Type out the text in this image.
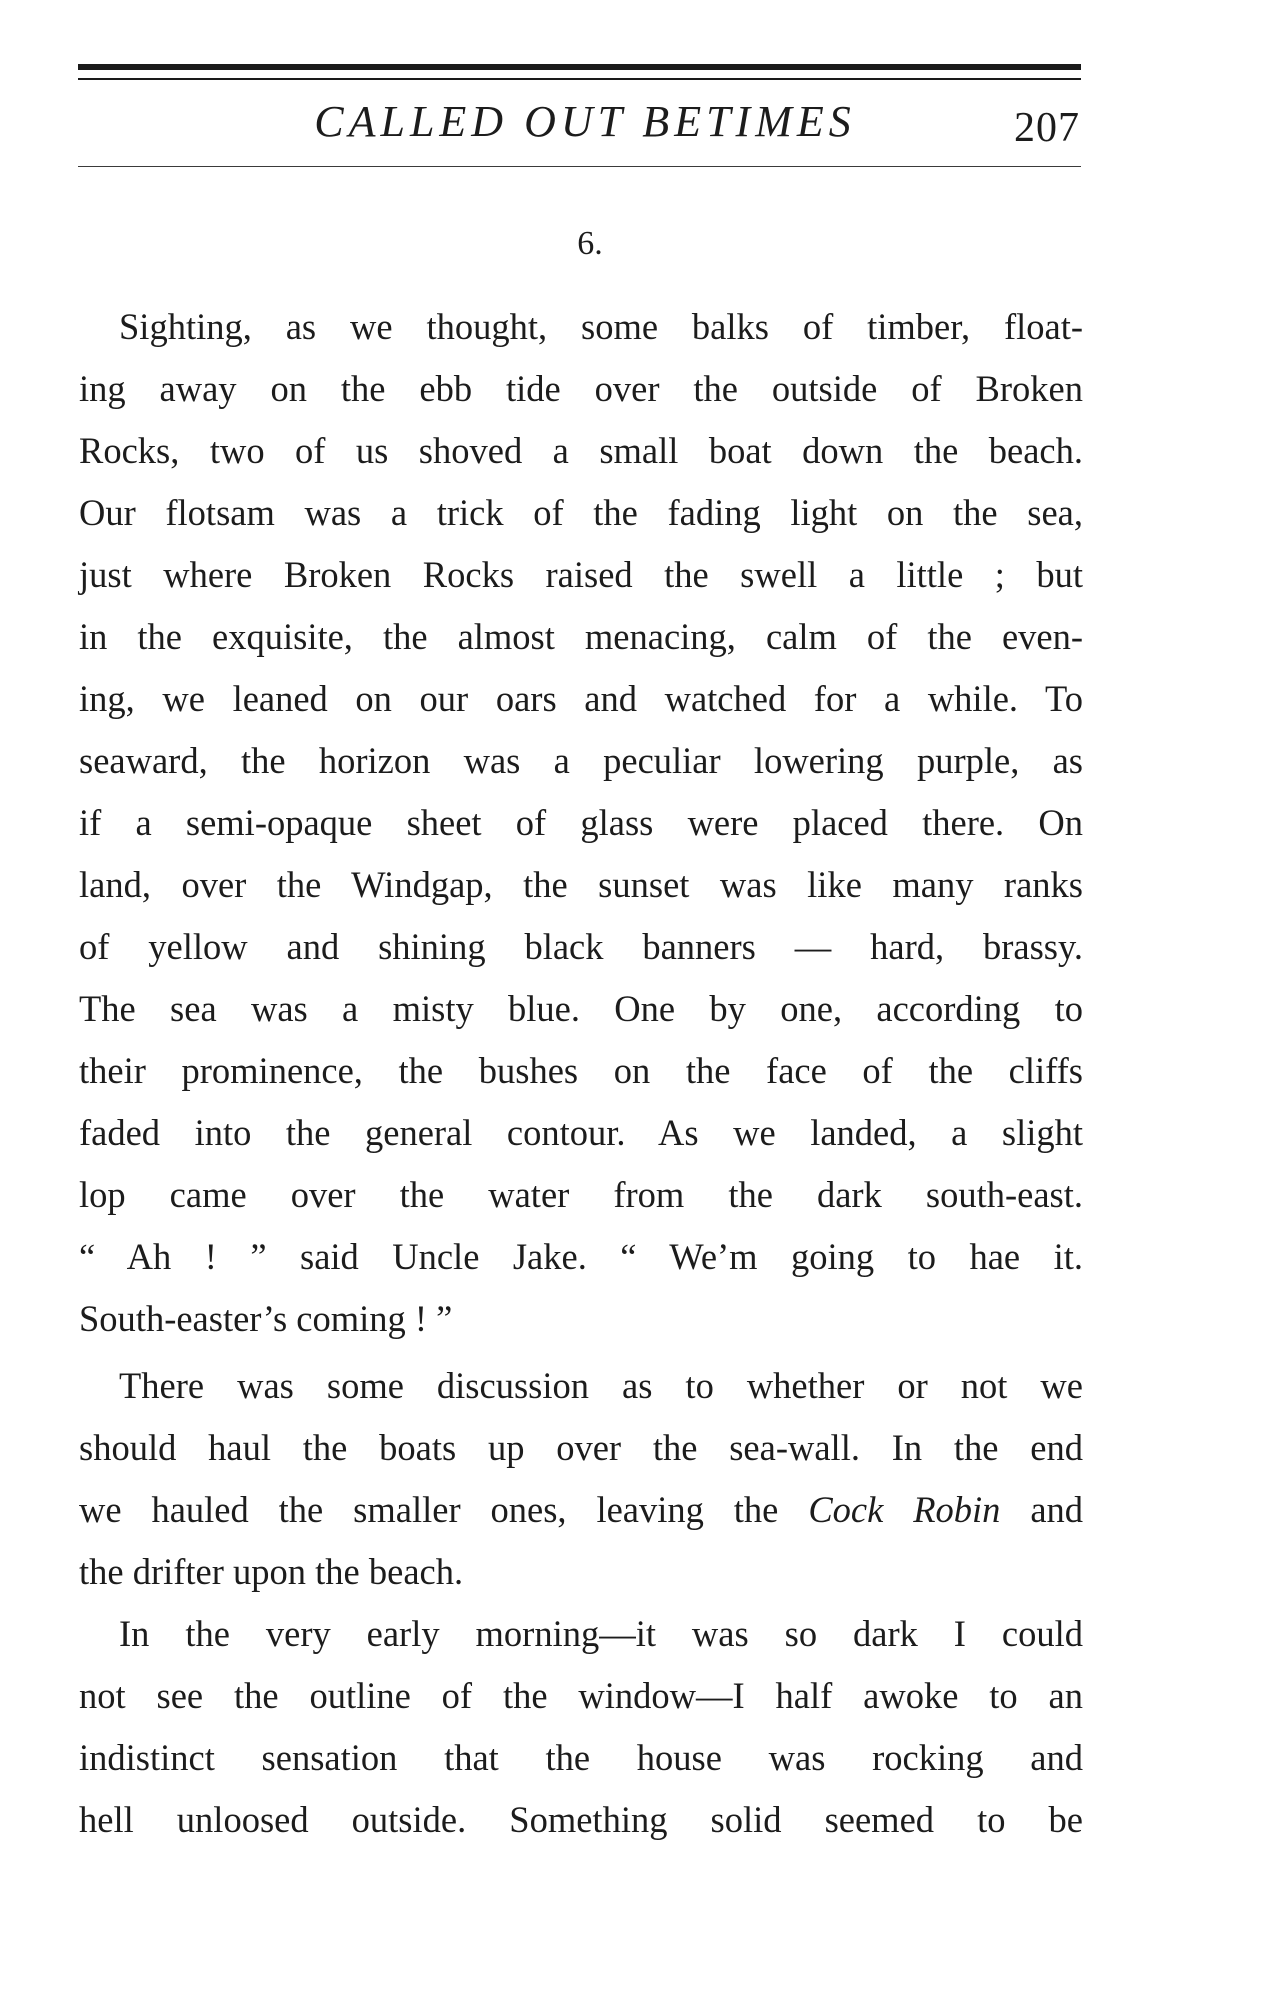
CALLED OUT BETIMES	207
6.
Sighting, as we thought, some balks of timber, float-
ing away on the ebb tide over the outside of Broken
Rocks, two of us shoved a small boat down the beach.
Our flotsam was a trick of the fading light on the sea,
just where Broken Rocks raised the swell a little ; but
in the exquisite, the almost menacing, calm of the even-
ing, we leaned on our oars and watched for a while. To
seaward, the horizon was a peculiar lowering purple, as
if a semi-opaque sheet of glass were placed there. On
land, over the Windgap, the sunset was like many ranks
of yellow and shining black banners — hard, brassy.
The sea was a misty blue. One by one, according to
their prominence, the bushes on the face of the cliffs
faded into the general contour. As we landed, a slight
lop came over the water from the dark south-east.
“ Ah ! ” said Uncle Jake. “ We’m going to hae it.
South-easter’s coming ! ”
There was some discussion as to whether or not we
should haul the boats up over the sea-wall. In the end
we hauled the smaller ones, leaving the Cock Robin and
the drifter upon the beach.
In the very early morning—it was so dark I could
not see the outline of the window—I half awoke to an
indistinct sensation that the house was rocking and
hell unloosed outside. Something solid seemed to be
